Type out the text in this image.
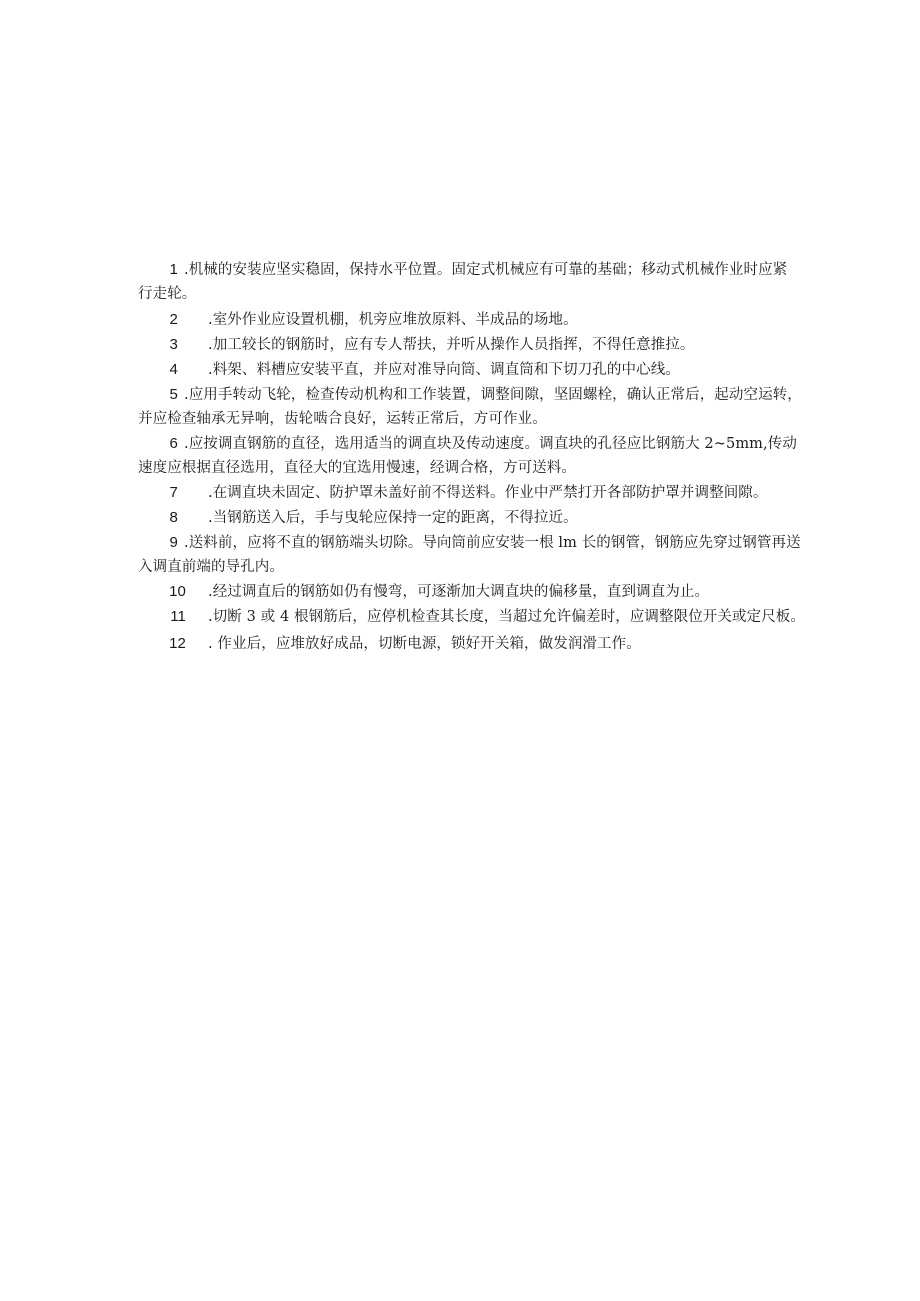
1 .机械的安装应坚实稳固，保持水平位置。固定式机械应有可靠的基础；移动式机械作业时应紧
行走轮。
2 .室外作业应设置机棚，机旁应堆放原料、半成品的场地。
3 .加工较长的钢筋时，应有专人帮扶，并听从操作人员指挥，不得任意推拉。
4 .料架、料槽应安装平直，并应对准导向筒、调直筒和下切刀孔的中心线。
5 .应用手转动飞轮，检查传动机构和工作装置，调整间隙，坚固螺栓，确认正常后，起动空运转，
并应检查轴承无异响，齿轮啮合良好，运转正常后，方可作业。
6 .应按调直钢筋的直径，选用适当的调直块及传动速度。调直块的孔径应比钢筋大 2~5mm,传动
速度应根据直径选用，直径大的宜选用慢速，经调合格，方可送料。
7 .在调直块未固定、防护罩未盖好前不得送料。作业中严禁打开各部防护罩并调整间隙。
8 .当钢筋送入后，手与曳轮应保持一定的距离，不得拉近。
9 .送料前，应将不直的钢筋端头切除。导向筒前应安装一根 lm 长的钢管，钢筋应先穿过钢管再送
入调直前端的导孔内。
10 .经过调直后的钢筋如仍有慢弯，可逐渐加大调直块的偏移量，直到调直为止。
11 .切断 3 或 4 根钢筋后，应停机检查其长度，当超过允许偏差时，应调整限位开关或定尺板。
12 . 作业后，应堆放好成品，切断电源，锁好开关箱，做发润滑工作。
